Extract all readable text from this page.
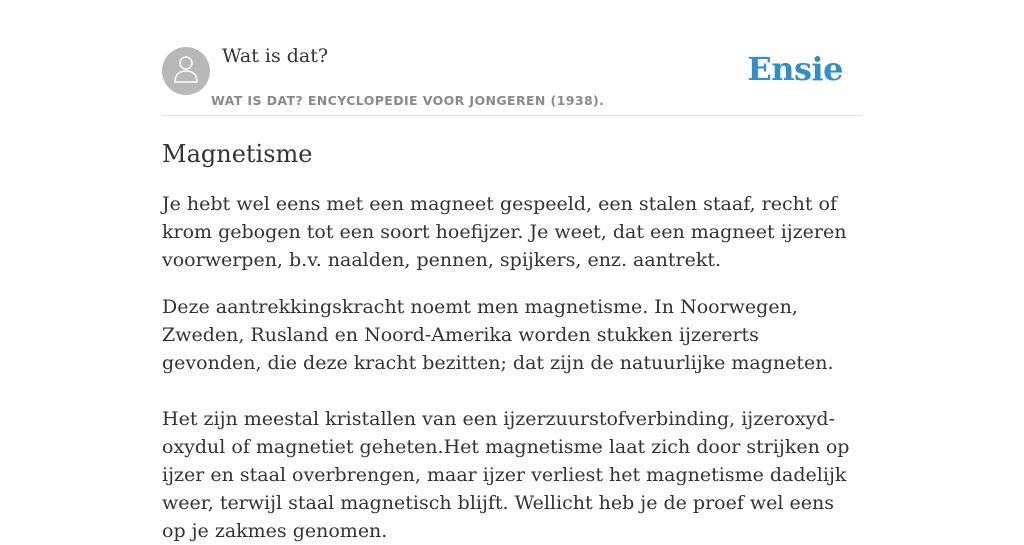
Wat is dat?
WAT IS DAT? ENCYCLOPEDIE VOOR JONGEREN (1938).
Ensie
Magnetisme

Je hebt wel eens met een magneet gespeeld, een stalen staaf, recht of krom gebogen tot een soort hoefijzer. Je weet, dat een magneet ijzeren voorwerpen, b.v. naalden, pennen, spijkers, enz. aantrekt.

Deze aantrekkingskracht noemt men magnetisme. In Noorwegen, Zweden, Rusland en Noord-Amerika worden stukken ijzererts gevonden, die deze kracht bezitten; dat zijn de natuurlijke magneten.

Het zijn meestal kristallen van een ijzerzuurstofverbinding, ijzeroxyd-oxydul of magnetiet geheten.Het magnetisme laat zich door strijken op ijzer en staal overbrengen, maar ijzer verliest het magnetisme dadelijk weer, terwijl staal magnetisch blijft. Wellicht heb je de proef wel eens op je zakmes genomen.
